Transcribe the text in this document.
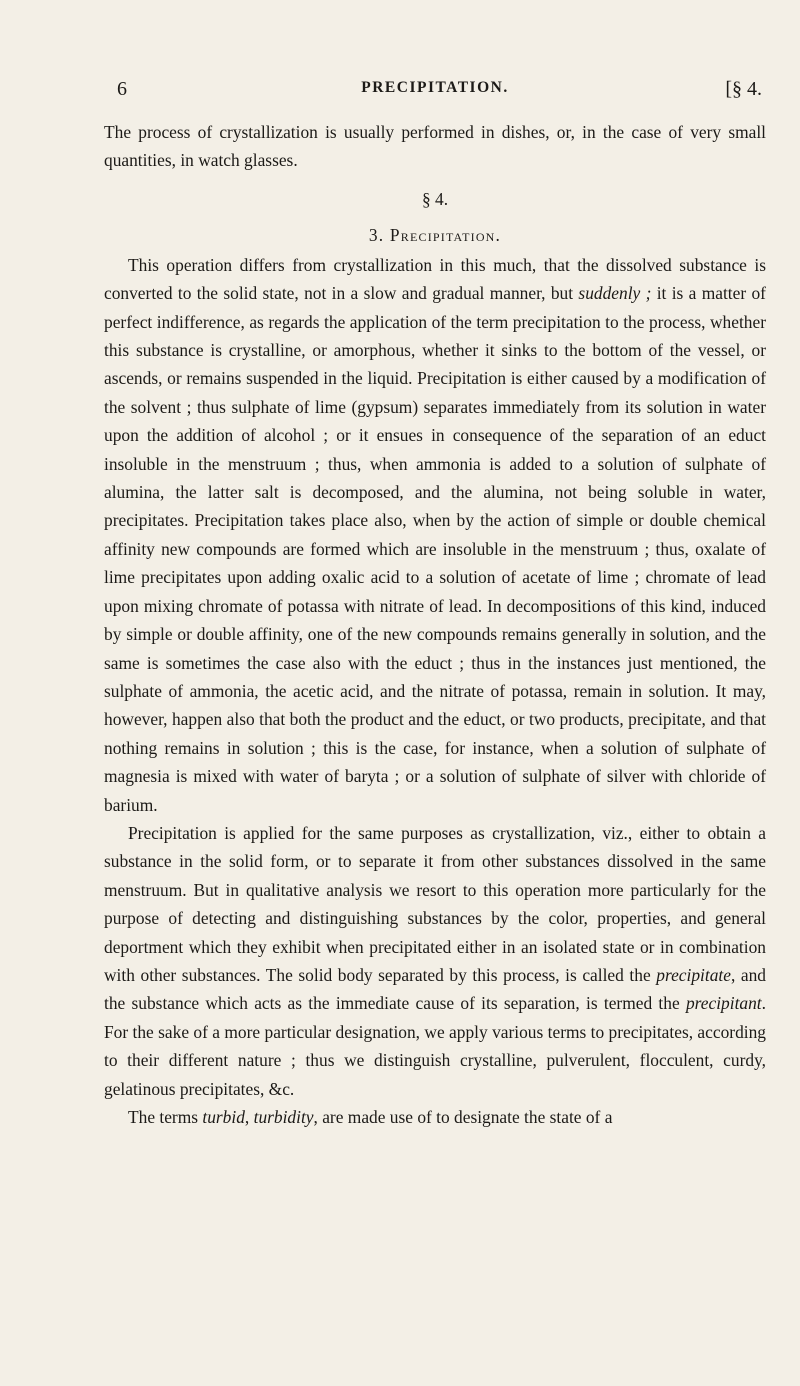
6	PRECIPITATION.	[§ 4.

The process of crystallization is usually performed in dishes, or, in the case of very small quantities, in watch glasses.

§ 4.
3. Precipitation.

This operation differs from crystallization in this much, that the dissolved substance is converted to the solid state, not in a slow and gradual manner, but suddenly ; it is a matter of perfect indifference, as regards the application of the term precipitation to the process, whether this substance is crystalline, or amorphous, whether it sinks to the bottom of the vessel, or ascends, or remains suspended in the liquid. Precipitation is either caused by a modification of the solvent ; thus sulphate of lime (gypsum) separates immediately from its solution in water upon the addition of alcohol ; or it ensues in consequence of the separation of an educt insoluble in the menstruum ; thus, when ammonia is added to a solution of sulphate of alumina, the latter salt is decomposed, and the alumina, not being soluble in water, precipitates. Precipitation takes place also, when by the action of simple or double chemical affinity new compounds are formed which are insoluble in the menstruum ; thus, oxalate of lime precipitates upon adding oxalic acid to a solution of acetate of lime ; chromate of lead upon mixing chromate of potassa with nitrate of lead. In decompositions of this kind, induced by simple or double affinity, one of the new compounds remains generally in solution, and the same is sometimes the case also with the educt ; thus in the instances just mentioned, the sulphate of ammonia, the acetic acid, and the nitrate of potassa, remain in solution. It may, however, happen also that both the product and the educt, or two products, precipitate, and that nothing remains in solution ; this is the case, for instance, when a solution of sulphate of magnesia is mixed with water of baryta ; or a solution of sulphate of silver with chloride of barium.

Precipitation is applied for the same purposes as crystallization, viz., either to obtain a substance in the solid form, or to separate it from other substances dissolved in the same menstruum. But in qualitative analysis we resort to this operation more particularly for the purpose of detecting and distinguishing substances by the color, properties, and general deportment which they exhibit when precipitated either in an isolated state or in combination with other substances. The solid body separated by this process, is called the precipitate, and the substance which acts as the immediate cause of its separation, is termed the precipitant. For the sake of a more particular designation, we apply various terms to precipitates, according to their different nature ; thus we distinguish crystalline, pulverulent, flocculent, curdy, gelatinous precipitates, &c.

The terms turbid, turbidity, are made use of to designate the state of a
